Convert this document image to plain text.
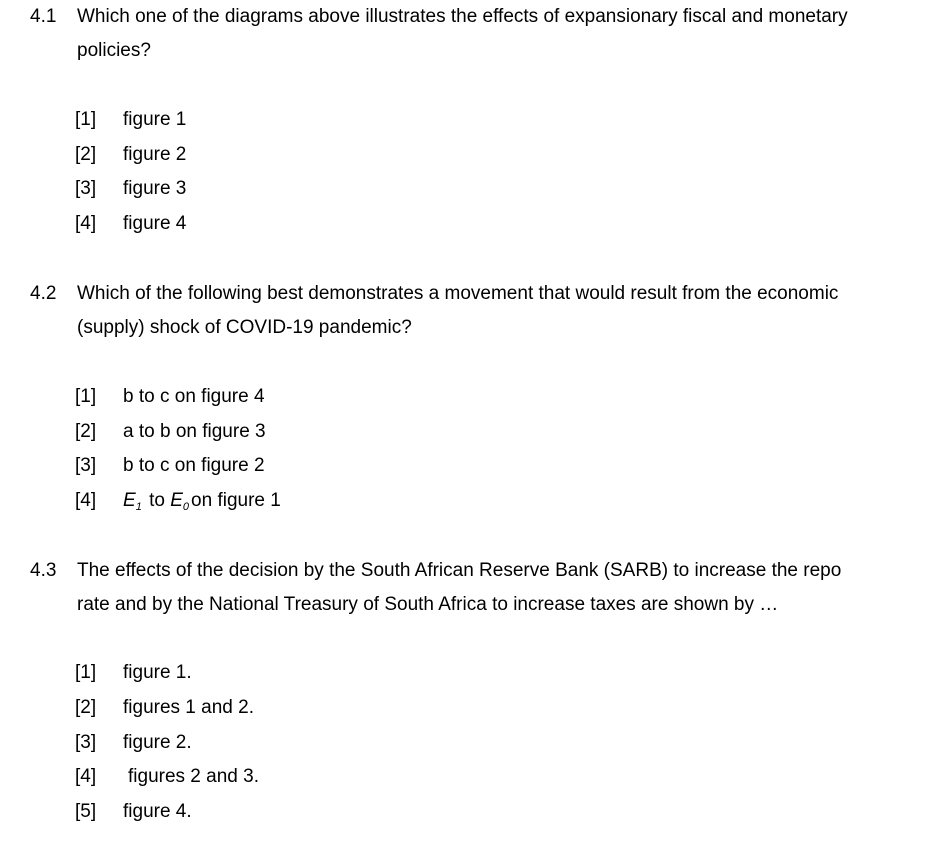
4.1 Which one of the diagrams above illustrates the effects of expansionary fiscal and monetary
policies?
[1] figure 1
[2] figure 2
[3] figure 3
[4] figure 4
4.2 Which of the following best demonstrates a movement that would result from the economic
(supply) shock of COVID-19 pandemic?
[1] b to c on figure 4
[2] a to b on figure 3
[3] b to c on figure 2
[4] $E_1$ to $E_0$ on figure 1
4.3 The effects of the decision by the South African Reserve Bank (SARB) to increase the repo
rate and by the National Treasury of South Africa to increase taxes are shown by …
[1] figure 1.
[2] figures 1 and 2.
[3] figure 2.
[4] figures 2 and 3.
[5] figure 4.
